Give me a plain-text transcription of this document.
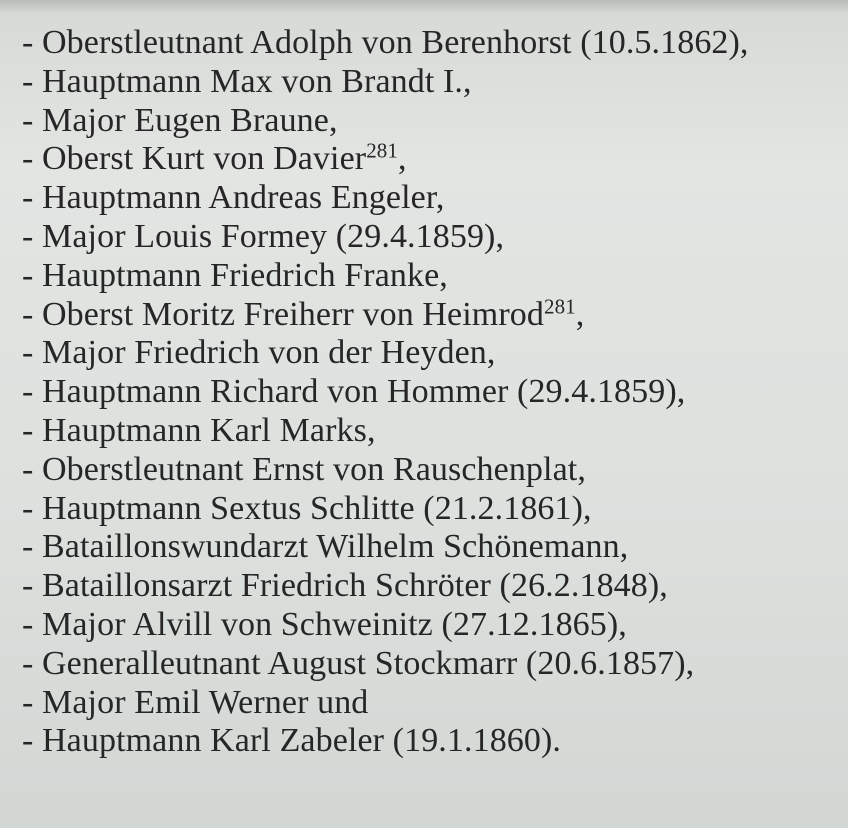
- Oberstleutnant Adolph von Berenhorst (10.5.1862),
- Hauptmann Max von Brandt I.,
- Major Eugen Braune,
- Oberst Kurt von Davier$^{281}$,
- Hauptmann Andreas Engeler,
- Major Louis Formey (29.4.1859),
- Hauptmann Friedrich Franke,
- Oberst Moritz Freiherr von Heimrod$^{281}$,
- Major Friedrich von der Heyden,
- Hauptmann Richard von Hommer (29.4.1859),
- Hauptmann Karl Marks,
- Oberstleutnant Ernst von Rauschenplat,
- Hauptmann Sextus Schlitte (21.2.1861),
- Bataillonswundarzt Wilhelm Schönemann,
- Bataillonsarzt Friedrich Schröter (26.2.1848),
- Major Alvill von Schweinitz (27.12.1865),
- Generalleutnant August Stockmarr (20.6.1857),
- Major Emil Werner und
- Hauptmann Karl Zabeler (19.1.1860).
